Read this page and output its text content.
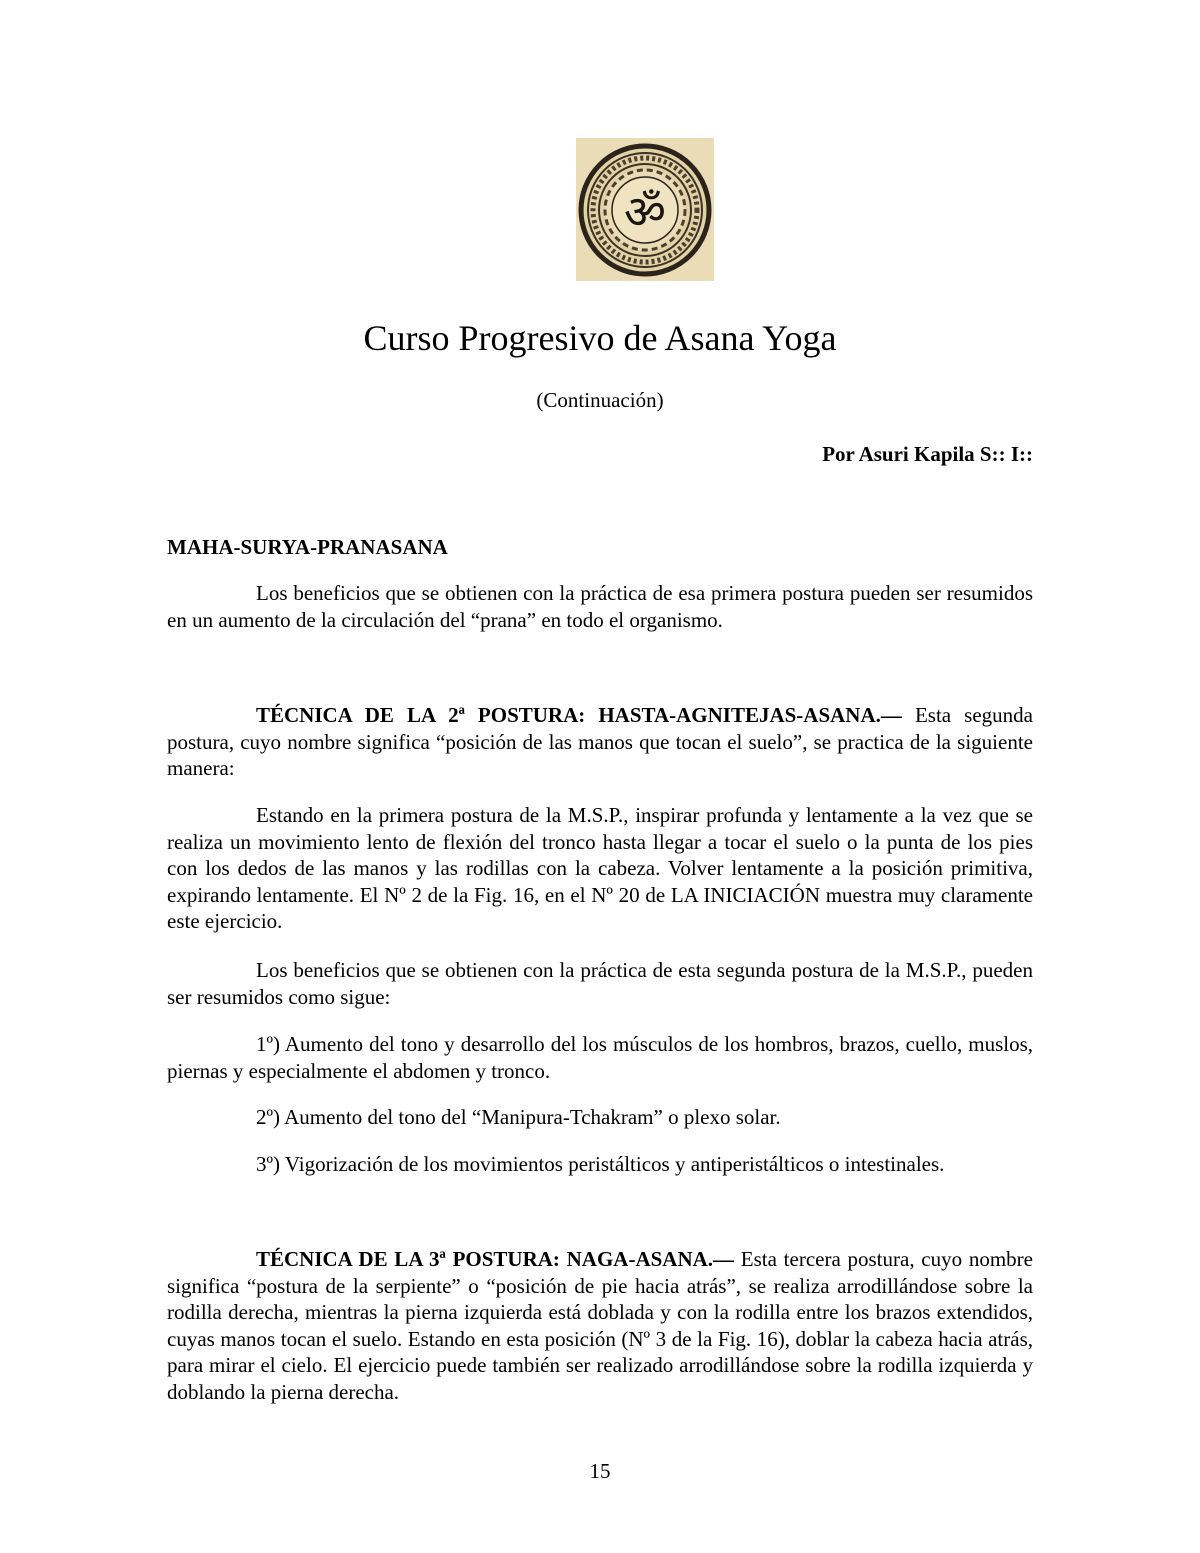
ॐ
Curso Progresivo de Asana Yoga
(Continuación)
Por Asuri Kapila S:: I::

MAHA-SURYA-PRANASANA

Los beneficios que se obtienen con la práctica de esa primera postura pueden ser resumidos en un aumento de la circulación del “prana” en todo el organismo.

TÉCNICA DE LA 2ª POSTURA: HASTA-AGNITEJAS-ASANA.— Esta segunda postura, cuyo nombre significa “posición de las manos que tocan el suelo”, se practica de la siguiente manera:

Estando en la primera postura de la M.S.P., inspirar profunda y lentamente a la vez que se realiza un movimiento lento de flexión del tronco hasta llegar a tocar el suelo o la punta de los pies con los dedos de las manos y las rodillas con la cabeza. Volver lentamente a la posición primitiva, expirando lentamente. El Nº 2 de la Fig. 16, en el Nº 20 de LA INICIACIÓN muestra muy claramente este ejercicio.

Los beneficios que se obtienen con la práctica de esta segunda postura de la M.S.P., pueden ser resumidos como sigue:

1º) Aumento del tono y desarrollo del los músculos de los hombros, brazos, cuello, muslos, piernas y especialmente el abdomen y tronco.

2º) Aumento del tono del “Manipura-Tchakram” o plexo solar.

3º) Vigorización de los movimientos peristálticos y antiperistálticos o intestinales.

TÉCNICA DE LA 3ª POSTURA: NAGA-ASANA.— Esta tercera postura, cuyo nombre significa “postura de la serpiente” o “posición de pie hacia atrás”, se realiza arrodillándose sobre la rodilla derecha, mientras la pierna izquierda está doblada y con la rodilla entre los brazos extendidos, cuyas manos tocan el suelo. Estando en esta posición (Nº 3 de la Fig. 16), doblar la cabeza hacia atrás, para mirar el cielo. El ejercicio puede también ser realizado arrodillándose sobre la rodilla izquierda y doblando la pierna derecha.

15
